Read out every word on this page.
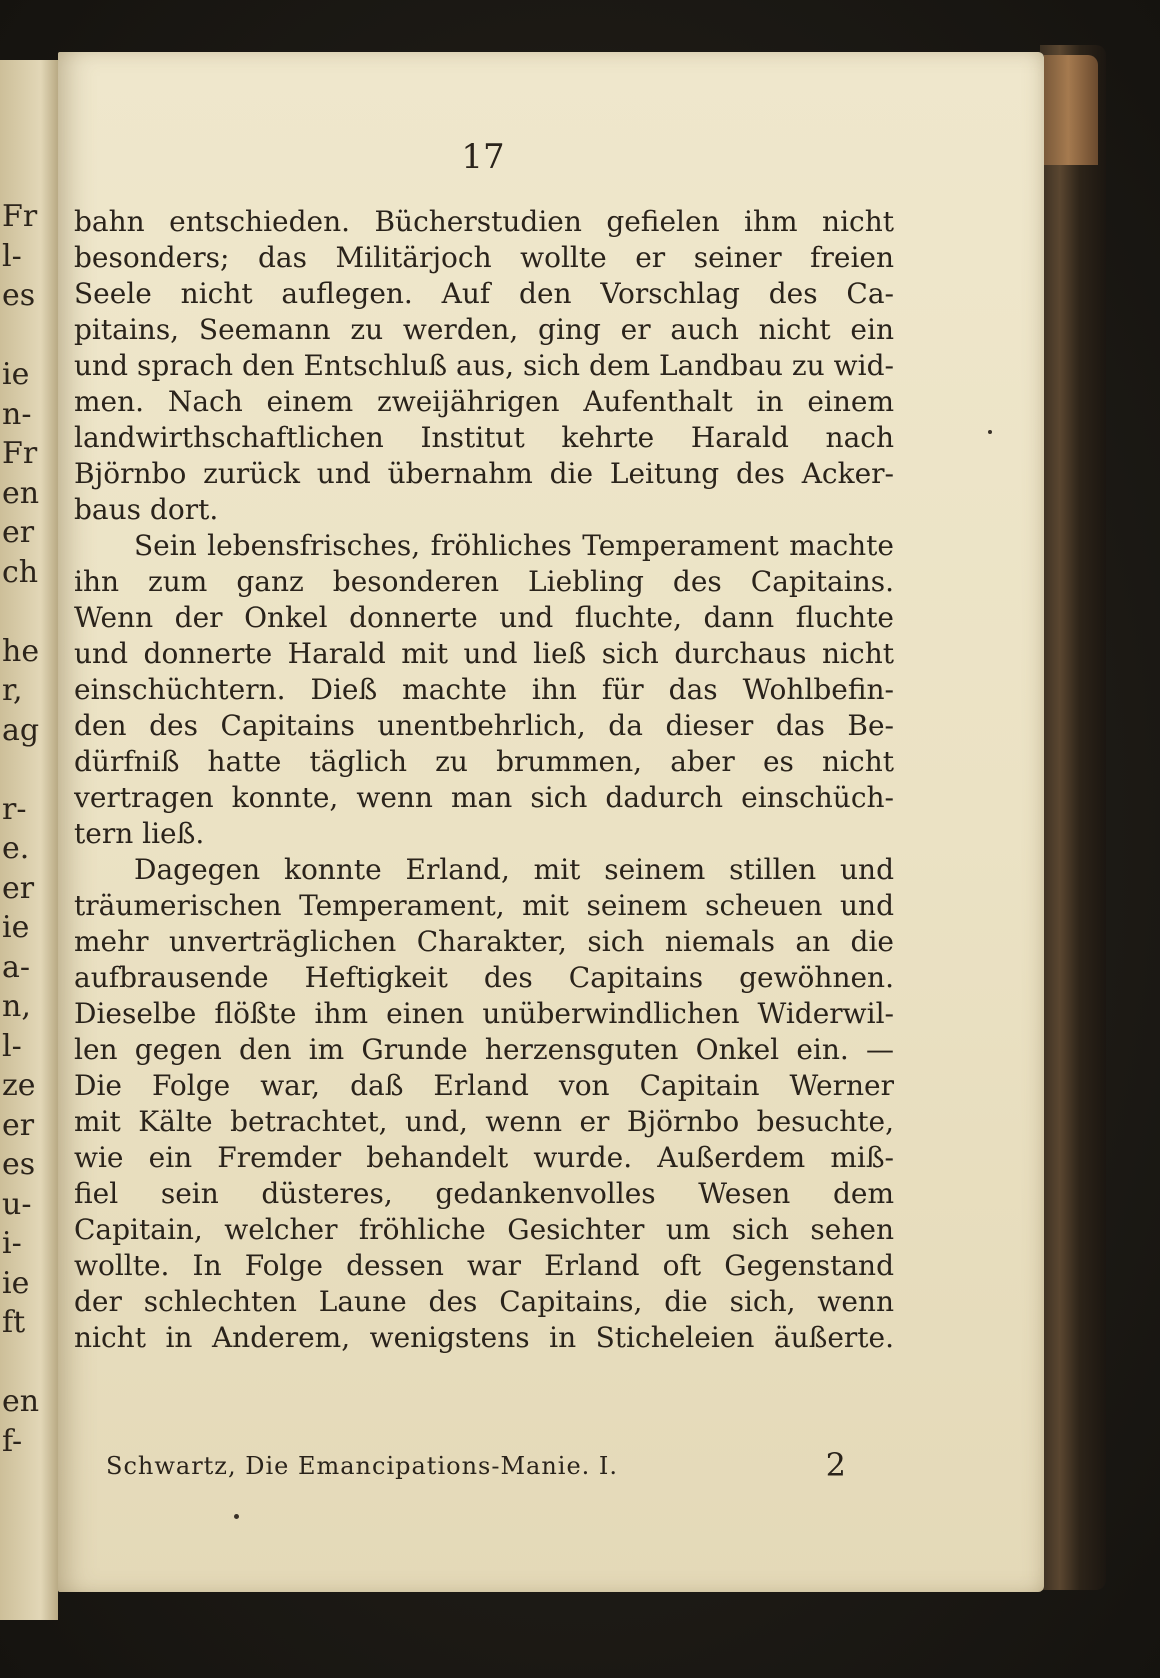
Fr
l-
es
ie
n-
Fr
en
er
ch
he
r,
ag
r-
e.
er
ie
a-
n,
l-
ze
er
es
u-
i-
ie
ft
en
f-
17
bahn entschieden. Bücherstudien gefielen ihm nicht
besonders; das Militärjoch wollte er seiner freien
Seele nicht auflegen. Auf den Vorschlag des Ca-
pitains, Seemann zu werden, ging er auch nicht ein
und sprach den Entschluß aus, sich dem Landbau zu wid-
men. Nach einem zweijährigen Aufenthalt in einem
landwirthschaftlichen Institut kehrte Harald nach
Björnbo zurück und übernahm die Leitung des Acker-
baus dort.
Sein lebensfrisches, fröhliches Temperament machte
ihn zum ganz besonderen Liebling des Capitains.
Wenn der Onkel donnerte und fluchte, dann fluchte
und donnerte Harald mit und ließ sich durchaus nicht
einschüchtern. Dieß machte ihn für das Wohlbefin-
den des Capitains unentbehrlich, da dieser das Be-
dürfniß hatte täglich zu brummen, aber es nicht
vertragen konnte, wenn man sich dadurch einschüch-
tern ließ.
Dagegen konnte Erland, mit seinem stillen und
träumerischen Temperament, mit seinem scheuen und
mehr unverträglichen Charakter, sich niemals an die
aufbrausende Heftigkeit des Capitains gewöhnen.
Dieselbe flößte ihm einen unüberwindlichen Widerwil-
len gegen den im Grunde herzensguten Onkel ein. —
Die Folge war, daß Erland von Capitain Werner
mit Kälte betrachtet, und, wenn er Björnbo besuchte,
wie ein Fremder behandelt wurde. Außerdem miß-
fiel sein düsteres, gedankenvolles Wesen dem
Capitain, welcher fröhliche Gesichter um sich sehen
wollte. In Folge dessen war Erland oft Gegenstand
der schlechten Laune des Capitains, die sich, wenn
nicht in Anderem, wenigstens in Sticheleien äußerte.
Schwartz, Die Emancipations-Manie. I.	2
